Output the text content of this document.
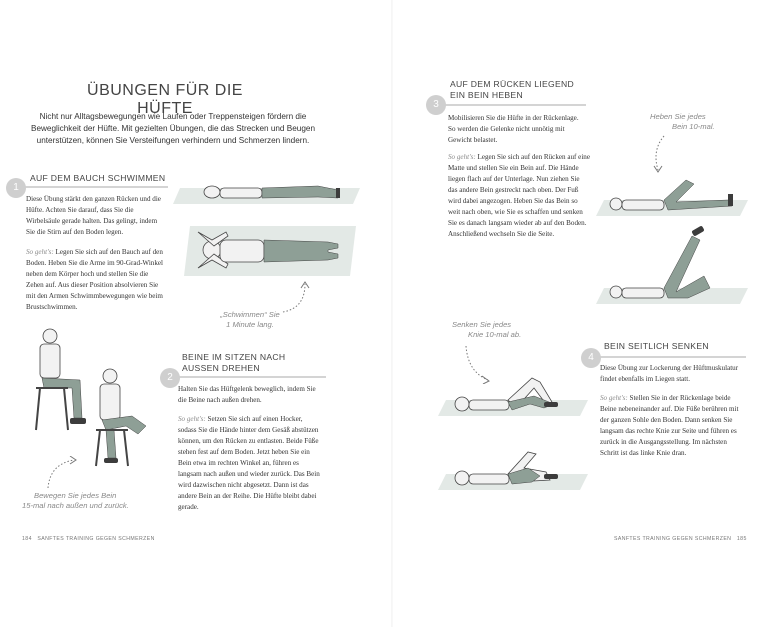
ÜBUNGEN FÜR DIE HÜFTE
Nicht nur Alltagsbewegungen wie Laufen oder Treppensteigen fördern die Beweglichkeit der Hüfte. Mit gezielten Übungen, die das Strecken und Beugen unterstützen, können Sie Versteifungen verhindern und Schmerzen lindern.
1
AUF DEM BAUCH SCHWIMMEN
Diese Übung stärkt den ganzen Rücken und die Hüfte. Achten Sie darauf, dass Sie die Wirbelsäule gerade halten. Das gelingt, indem Sie die Stirn auf den Boden legen.
So geht's: Legen Sie sich auf den Bauch auf den Boden. Heben Sie die Arme im 90-Grad-Winkel neben dem Körper hoch und stellen Sie die Zehen auf. Aus dieser Position absolvieren Sie mit den Armen Schwimmbewegungen wie beim Brustschwimmen.
„Schwimmen“ Sie
1 Minute lang.
2
BEINE IM SITZEN NACH
AUSSEN DREHEN
Halten Sie das Hüftgelenk beweglich, indem Sie die Beine nach außen drehen.
So geht's: Setzen Sie sich auf einen Hocker, sodass Sie die Hände hinter dem Gesäß abstützen können, um den Rücken zu entlasten. Beide Füße stehen fest auf dem Boden. Jetzt heben Sie ein Bein etwa im rechten Winkel an, führen es langsam nach außen und wieder zurück. Das Bein wird dazwischen nicht abgesetzt. Dann ist das andere Bein an der Reihe. Die Hüfte bleibt dabei gerade.
Bewegen Sie jedes Bein
15-mal nach außen und zurück.
184 SANFTES TRAINING GEGEN SCHMERZEN
3
AUF DEM RÜCKEN LIEGEND
EIN BEIN HEBEN
Mobilisieren Sie die Hüfte in der Rückenlage. So werden die Gelenke nicht unnötig mit Gewicht belastet.
So geht's: Legen Sie sich auf den Rücken auf eine Matte und stellen Sie ein Bein auf. Die Hände liegen flach auf der Unterlage. Nun ziehen Sie das andere Bein gestreckt nach oben. Der Fuß wird dabei angezogen. Heben Sie das Bein so weit nach oben, wie Sie es schaffen und senken Sie es danach langsam wieder ab auf den Boden. Anschließend wechseln Sie die Seite.
Heben Sie jedes
Bein 10-mal.
4
BEIN SEITLICH SENKEN
Diese Übung zur Lockerung der Hüftmuskulatur findet ebenfalls im Liegen statt.
So geht's: Stellen Sie in der Rückenlage beide Beine nebeneinander auf. Die Füße berühren mit der ganzen Sohle den Boden. Dann senken Sie langsam das rechte Knie zur Seite und führen es zurück in die Ausgangsstellung. Im nächsten Schritt ist das linke Knie dran.
Senken Sie jedes
Knie 10-mal ab.
SANFTES TRAINING GEGEN SCHMERZEN 185
